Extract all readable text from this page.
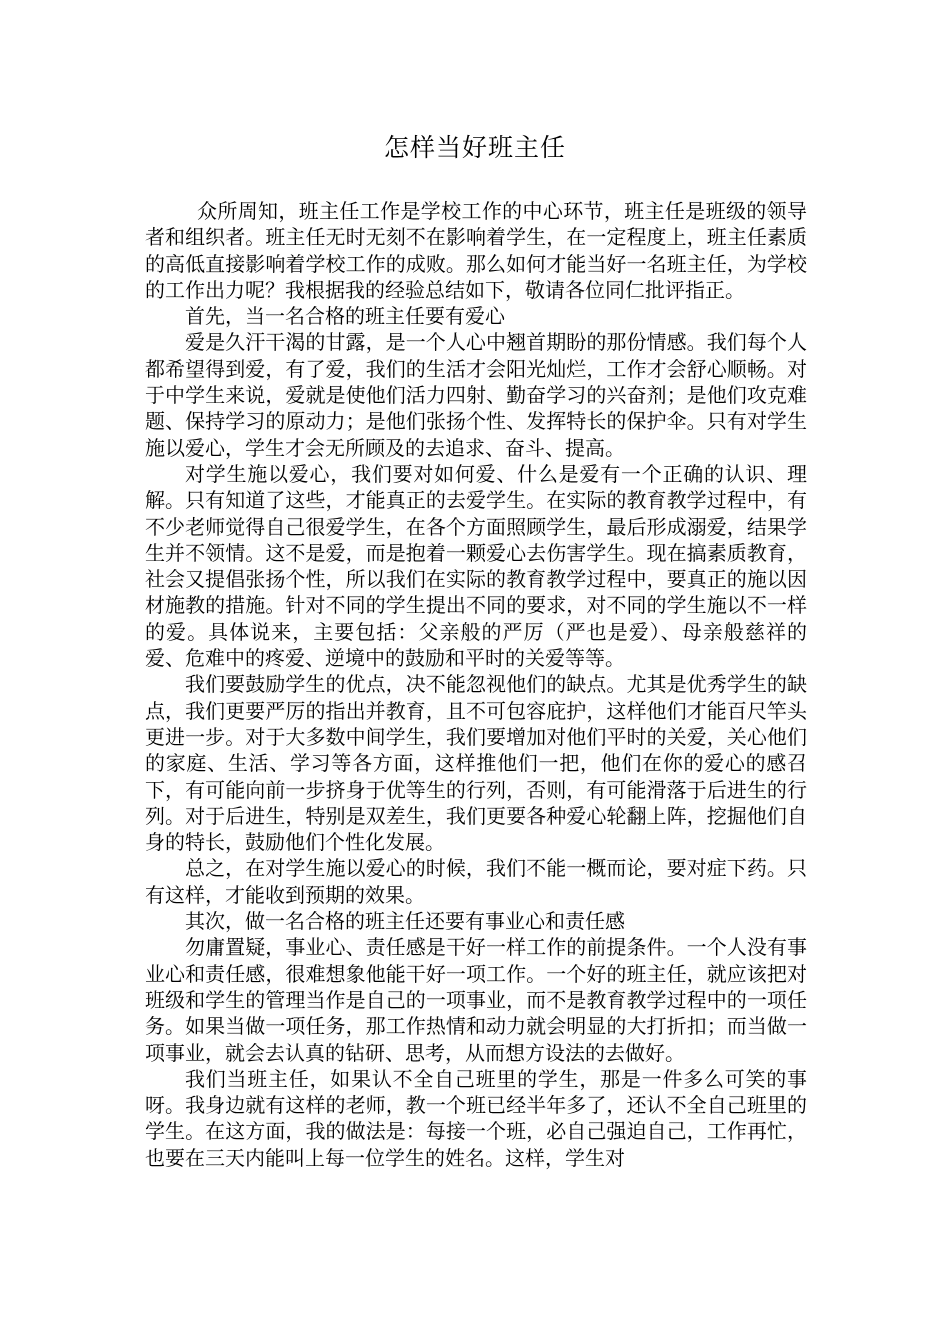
怎样当好班主任

众所周知，班主任工作是学校工作的中心环节，班主任是班级的领导者和组织者。班主任无时无刻不在影响着学生，在一定程度上，班主任素质的高低直接影响着学校工作的成败。那么如何才能当好一名班主任，为学校的工作出力呢？我根据我的经验总结如下，敬请各位同仁批评指正。

首先，当一名合格的班主任要有爱心

爱是久汗干渴的甘露，是一个人心中翘首期盼的那份情感。我们每个人都希望得到爱，有了爱，我们的生活才会阳光灿烂，工作才会舒心顺畅。对于中学生来说，爱就是使他们活力四射、勤奋学习的兴奋剂；是他们攻克难题、保持学习的原动力；是他们张扬个性、发挥特长的保护伞。只有对学生施以爱心，学生才会无所顾及的去追求、奋斗、提高。

对学生施以爱心，我们要对如何爱、什么是爱有一个正确的认识、理解。只有知道了这些，才能真正的去爱学生。在实际的教育教学过程中，有不少老师觉得自己很爱学生，在各个方面照顾学生，最后形成溺爱，结果学生并不领情。这不是爱，而是抱着一颗爱心去伤害学生。现在搞素质教育，社会又提倡张扬个性，所以我们在实际的教育教学过程中，要真正的施以因材施教的措施。针对不同的学生提出不同的要求，对不同的学生施以不一样的爱。具体说来，主要包括：父亲般的严厉（严也是爱）、母亲般慈祥的爱、危难中的疼爱、逆境中的鼓励和平时的关爱等等。

我们要鼓励学生的优点，决不能忽视他们的缺点。尤其是优秀学生的缺点，我们更要严厉的指出并教育，且不可包容庇护，这样他们才能百尺竿头更进一步。对于大多数中间学生，我们要增加对他们平时的关爱，关心他们的家庭、生活、学习等各方面，这样推他们一把，他们在你的爱心的感召下，有可能向前一步挤身于优等生的行列，否则，有可能滑落于后进生的行列。对于后进生，特别是双差生，我们更要各种爱心轮翻上阵，挖掘他们自身的特长，鼓励他们个性化发展。

总之，在对学生施以爱心的时候，我们不能一概而论，要对症下药。只有这样，才能收到预期的效果。

其次，做一名合格的班主任还要有事业心和责任感

勿庸置疑，事业心、责任感是干好一样工作的前提条件。一个人没有事业心和责任感，很难想象他能干好一项工作。一个好的班主任，就应该把对班级和学生的管理当作是自己的一项事业，而不是教育教学过程中的一项任务。如果当做一项任务，那工作热情和动力就会明显的大打折扣；而当做一项事业，就会去认真的钻研、思考，从而想方设法的去做好。

我们当班主任，如果认不全自己班里的学生，那是一件多么可笑的事呀。我身边就有这样的老师，教一个班已经半年多了，还认不全自己班里的学生。在这方面，我的做法是：每接一个班，必自己强迫自己，工作再忙，也要在三天内能叫上每一位学生的姓名。这样，学生对
